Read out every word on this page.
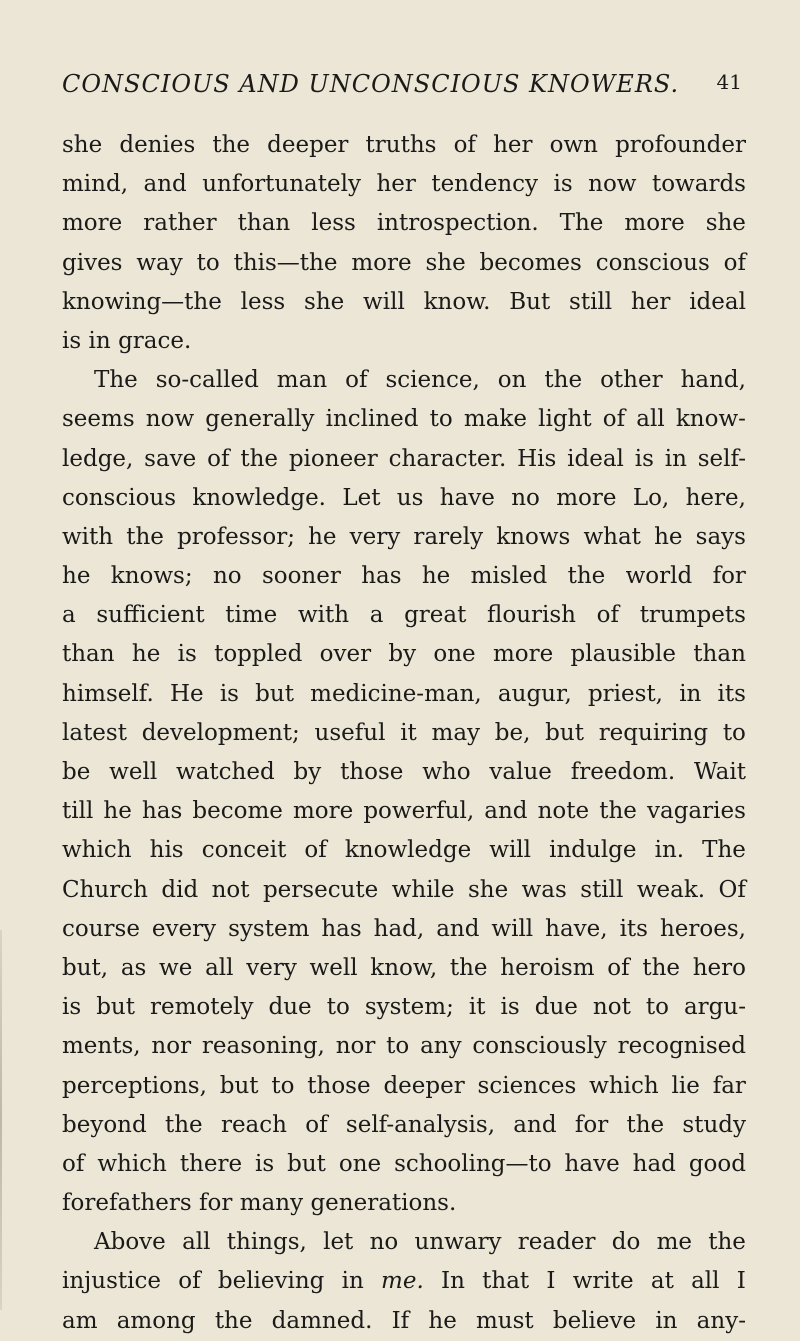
CONSCIOUS AND UNCONSCIOUS KNOWERS. 41
she denies the deeper truths of her own profounder
mind, and unfortunately her tendency is now towards
more rather than less introspection. The more she
gives way to this—the more she becomes conscious of
knowing—the less she will know. But still her ideal
is in grace.
The so-called man of science, on the other hand,
seems now generally inclined to make light of all know-
ledge, save of the pioneer character. His ideal is in self-
conscious knowledge. Let us have no more Lo, here,
with the professor; he very rarely knows what he says
he knows; no sooner has he misled the world for
a sufficient time with a great flourish of trumpets
than he is toppled over by one more plausible than
himself. He is but medicine-man, augur, priest, in its
latest development; useful it may be, but requiring to
be well watched by those who value freedom. Wait
till he has become more powerful, and note the vagaries
which his conceit of knowledge will indulge in. The
Church did not persecute while she was still weak. Of
course every system has had, and will have, its heroes,
but, as we all very well know, the heroism of the hero
is but remotely due to system; it is due not to argu-
ments, nor reasoning, nor to any consciously recognised
perceptions, but to those deeper sciences which lie far
beyond the reach of self-analysis, and for the study
of which there is but one schooling—to have had good
forefathers for many generations.
Above all things, let no unwary reader do me the
injustice of believing in me. In that I write at all I
am among the damned. If he must believe in any-
